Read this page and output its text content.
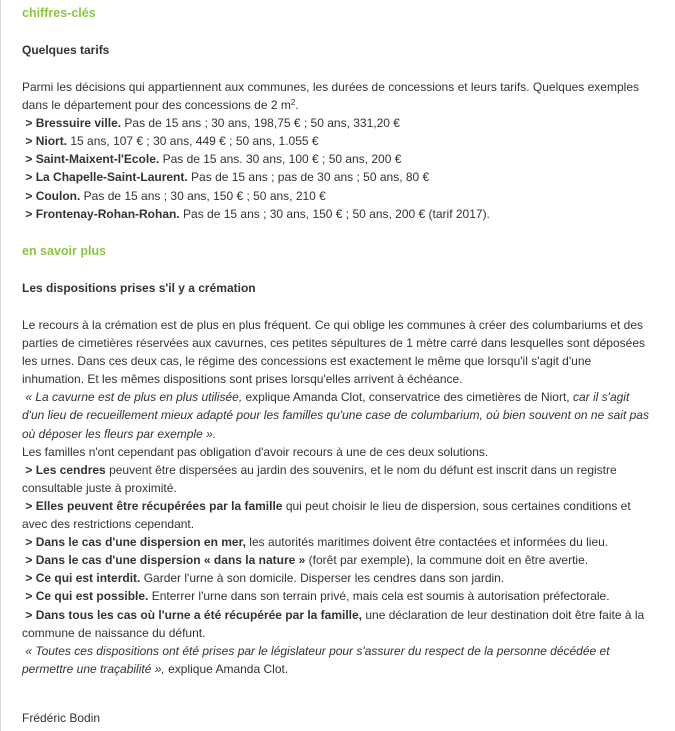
chiffres-clés
Quelques tarifs

Parmi les décisions qui appartiennent aux communes, les durées de concessions et leurs tarifs. Quelques exemples dans le département pour des concessions de 2 $m^2$.

> Bressuire ville. Pas de 15 ans ; 30 ans, 198,75 € ; 50 ans, 331,20 €

> Niort. 15 ans, 107 € ; 30 ans, 449 € ; 50 ans, 1.055 €

> Saint-Maixent-l'Ecole. Pas de 15 ans. 30 ans, 100 € ; 50 ans, 200 €

> La Chapelle-Saint-Laurent. Pas de 15 ans ; pas de 30 ans ; 50 ans, 80 €

> Coulon. Pas de 15 ans ; 30 ans, 150 € ; 50 ans, 210 €

> Frontenay-Rohan-Rohan. Pas de 15 ans ; 30 ans, 150 € ; 50 ans, 200 € (tarif 2017).

en savoir plus
Les dispositions prises s'il y a crémation

Le recours à la crémation est de plus en plus fréquent. Ce qui oblige les communes à créer des columbariums et des parties de cimetières réservées aux cavurnes, ces petites sépultures de 1 mètre carré dans lesquelles sont déposées les urnes. Dans ces deux cas, le régime des concessions est exactement le même que lorsqu'il s'agit d'une inhumation. Et les mêmes dispositions sont prises lorsqu'elles arrivent à échéance.

« La cavurne est de plus en plus utilisée, explique Amanda Clot, conservatrice des cimetières de Niort, car il s'agit d'un lieu de recueillement mieux adapté pour les familles qu'une case de columbarium, où bien souvent on ne sait pas où déposer les fleurs par exemple ».

Les familles n'ont cependant pas obligation d'avoir recours à une de ces deux solutions.

> Les cendres peuvent être dispersées au jardin des souvenirs, et le nom du défunt est inscrit dans un registre consultable juste à proximité.

> Elles peuvent être récupérées par la famille qui peut choisir le lieu de dispersion, sous certaines conditions et avec des restrictions cependant.

> Dans le cas d'une dispersion en mer, les autorités maritimes doivent être contactées et informées du lieu.

> Dans le cas d'une dispersion « dans la nature » (forêt par exemple), la commune doit en être avertie.

> Ce qui est interdit. Garder l'urne à son domicile. Disperser les cendres dans son jardin.

> Ce qui est possible. Enterrer l'urne dans son terrain privé, mais cela est soumis à autorisation préfectorale.

> Dans tous les cas où l'urne a été récupérée par la famille, une déclaration de leur destination doit être faite à la commune de naissance du défunt.

« Toutes ces dispositions ont été prises par le législateur pour s'assurer du respect de la personne décédée et permettre une traçabilité », explique Amanda Clot.

Frédéric Bodin
